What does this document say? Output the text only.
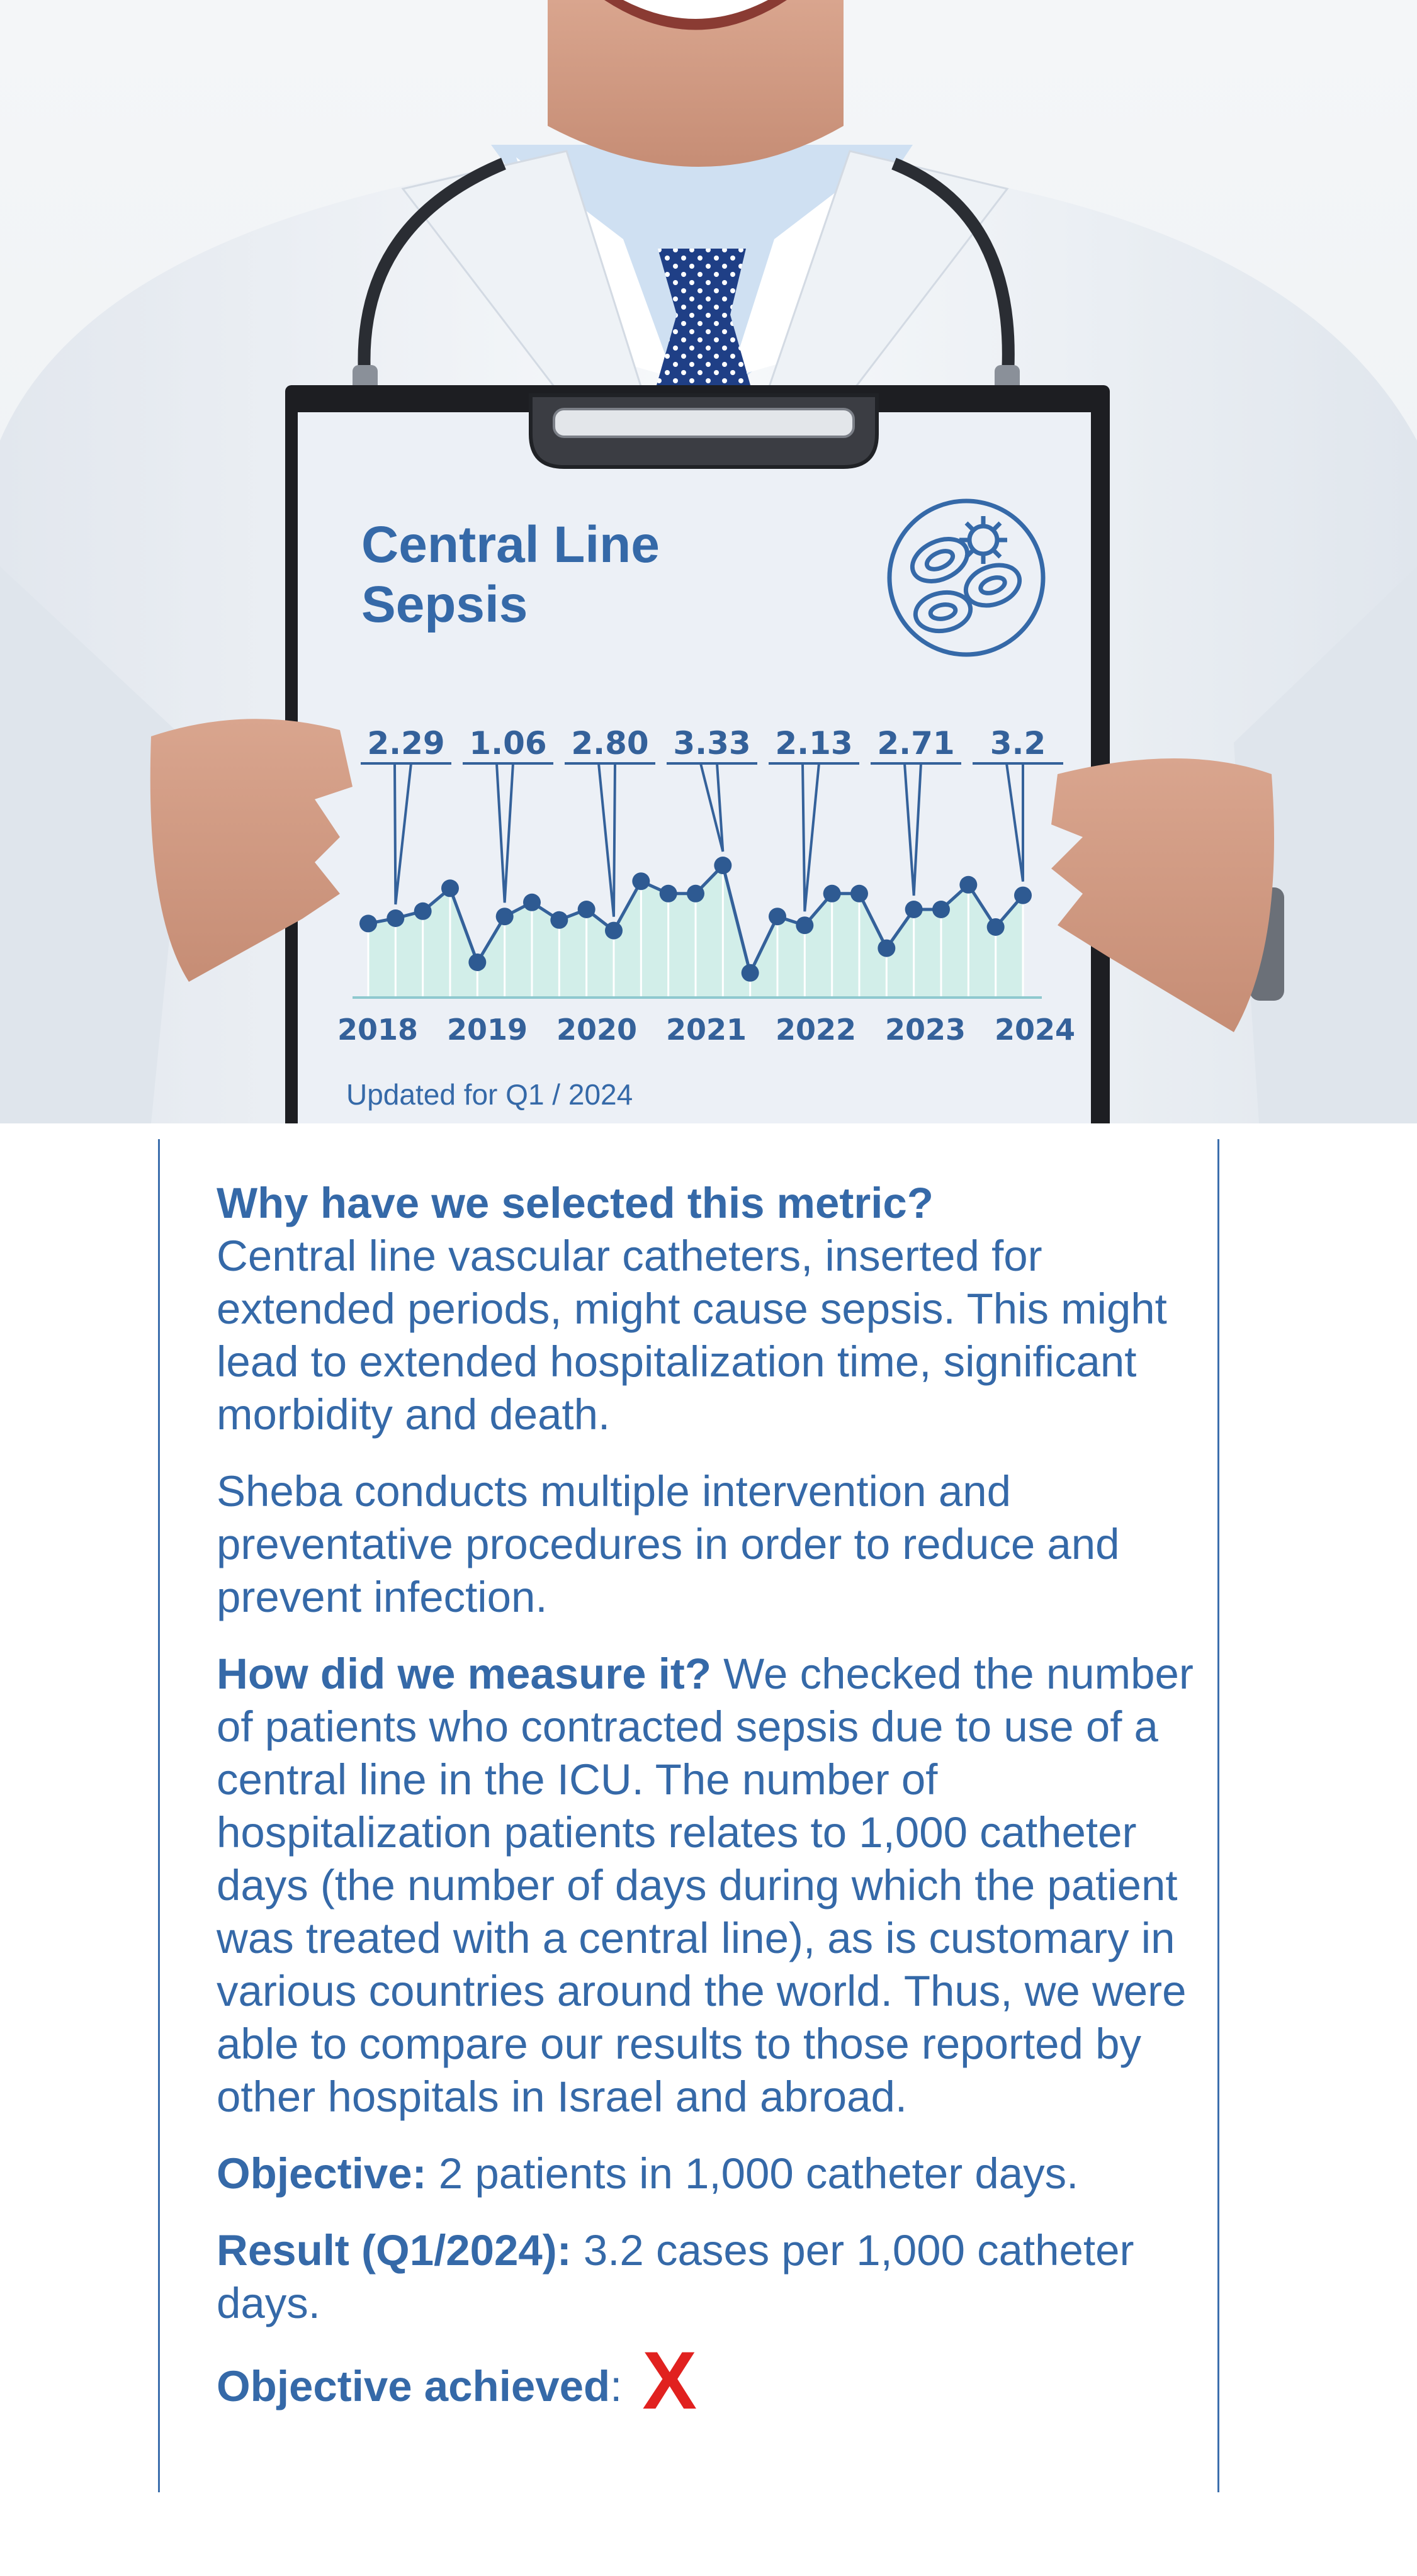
Central Line
Sepsis
Updated for Q1 / 2024
2.29
2018
1.06
2019
2.80
2020
3.33
2021
2.13
2022
2.71
2023
3.2
2024

Why have we selected this metric?
Central line vascular catheters, inserted for extended periods, might cause sepsis. This might lead to extended hospitalization time, significant morbidity and death.

Sheba conducts multiple intervention and preventative procedures in order to reduce and prevent infection.

How did we measure it? We checked the number of patients who contracted sepsis due to use of a central line in the ICU. The number of hospitalization patients relates to 1,000 catheter days (the number of days during which the patient was treated with a central line), as is customary in various countries around the world. Thus, we were able to compare our results to those reported by other hospitals in Israel and abroad.

Objective: 2 patients in 1,000 catheter days.

Result (Q1/2024): 3.2 cases per 1,000 catheter days.

Objective achieved: X
